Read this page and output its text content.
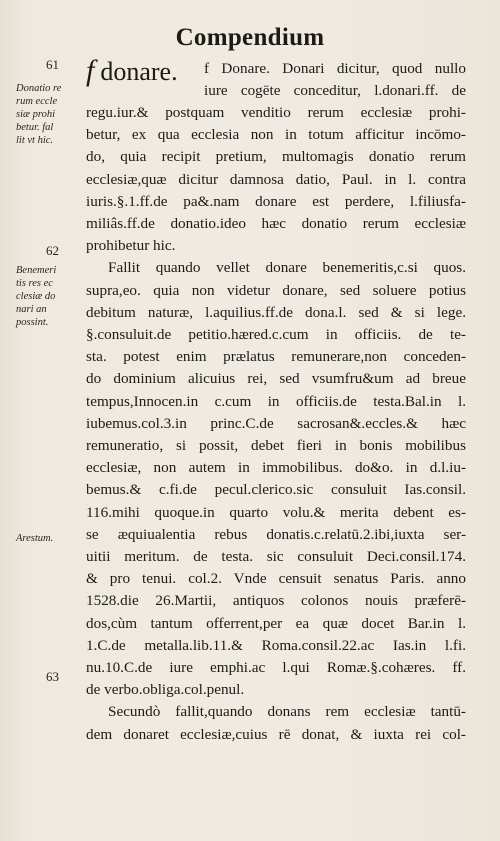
Compendium
61
Donatio re
rum eccle
siæ prohi
betur. fal
lit vt hic.
62
Benemeri
tis res ec
clesiæ do
nari an
possint.
Arestum.
63
f donare. f Donare. Donari dicitur, quod nullo
iure cogēte conceditur, l.donari.ff. de
regu.iur.& postquam venditio rerum ecclesiæ prohi-
betur, ex qua ecclesia non in totum afficitur incōmo-
do, quia recipit pretium, multomagis donatio rerum
ecclesiæ,quæ dicitur damnosa datio, Paul. in l. contra
iuris.§.1.ff.de pa&.nam donare est perdere, l.filiusfa-
miliâs.ff.de donatio.ideo hæc donatio rerum ecclesiæ
prohibetur hic.
Fallit quando vellet donare benemeritis,c.si quos.
supra,eo. quia non videtur donare, sed soluere potius
debitum naturæ, l.aquilius.ff.de dona.l. sed & si lege.
§.consuluit.de petitio.hæred.c.cum in officiis. de te-
sta. potest enim prælatus remunerare,non conceden-
do dominium alicuius rei, sed vsumfru&um ad breue
tempus,Innocen.in c.cum in officiis.de testa.Bal.in l.
iubemus.col.3.in princ.C.de sacrosan&.eccles.& hæc
remuneratio, si possit, debet fieri in bonis mobilibus
ecclesiæ, non autem in immobilibus. do&o. in d.l.iu-
bemus.& c.fi.de pecul.clerico.sic consuluit Ias.consil.
116.mihi quoque.in quarto volu.& merita debent es-
se æquiualentia rebus donatis.c.relatū.2.ibi,iuxta ser-
uitii meritum. de testa. sic consuluit Deci.consil.174.
& pro tenui. col.2. Vnde censuit senatus Paris. anno
1528.die 26.Martii, antiquos colonos nouis præferē-
dos,cùm tantum offerrent,per ea quæ docet Bar.in l.
1.C.de metalla.lib.11.& Roma.consil.22.ac Ias.in l.fi.
nu.10.C.de iure emphi.ac l.qui Romæ.§.cohæres. ff.
de verbo.obliga.col.penul.
Secundò fallit,quando donans rem ecclesiæ tantū-
dem donaret ecclesiæ,cuius rē donat, & iuxta rei col-
